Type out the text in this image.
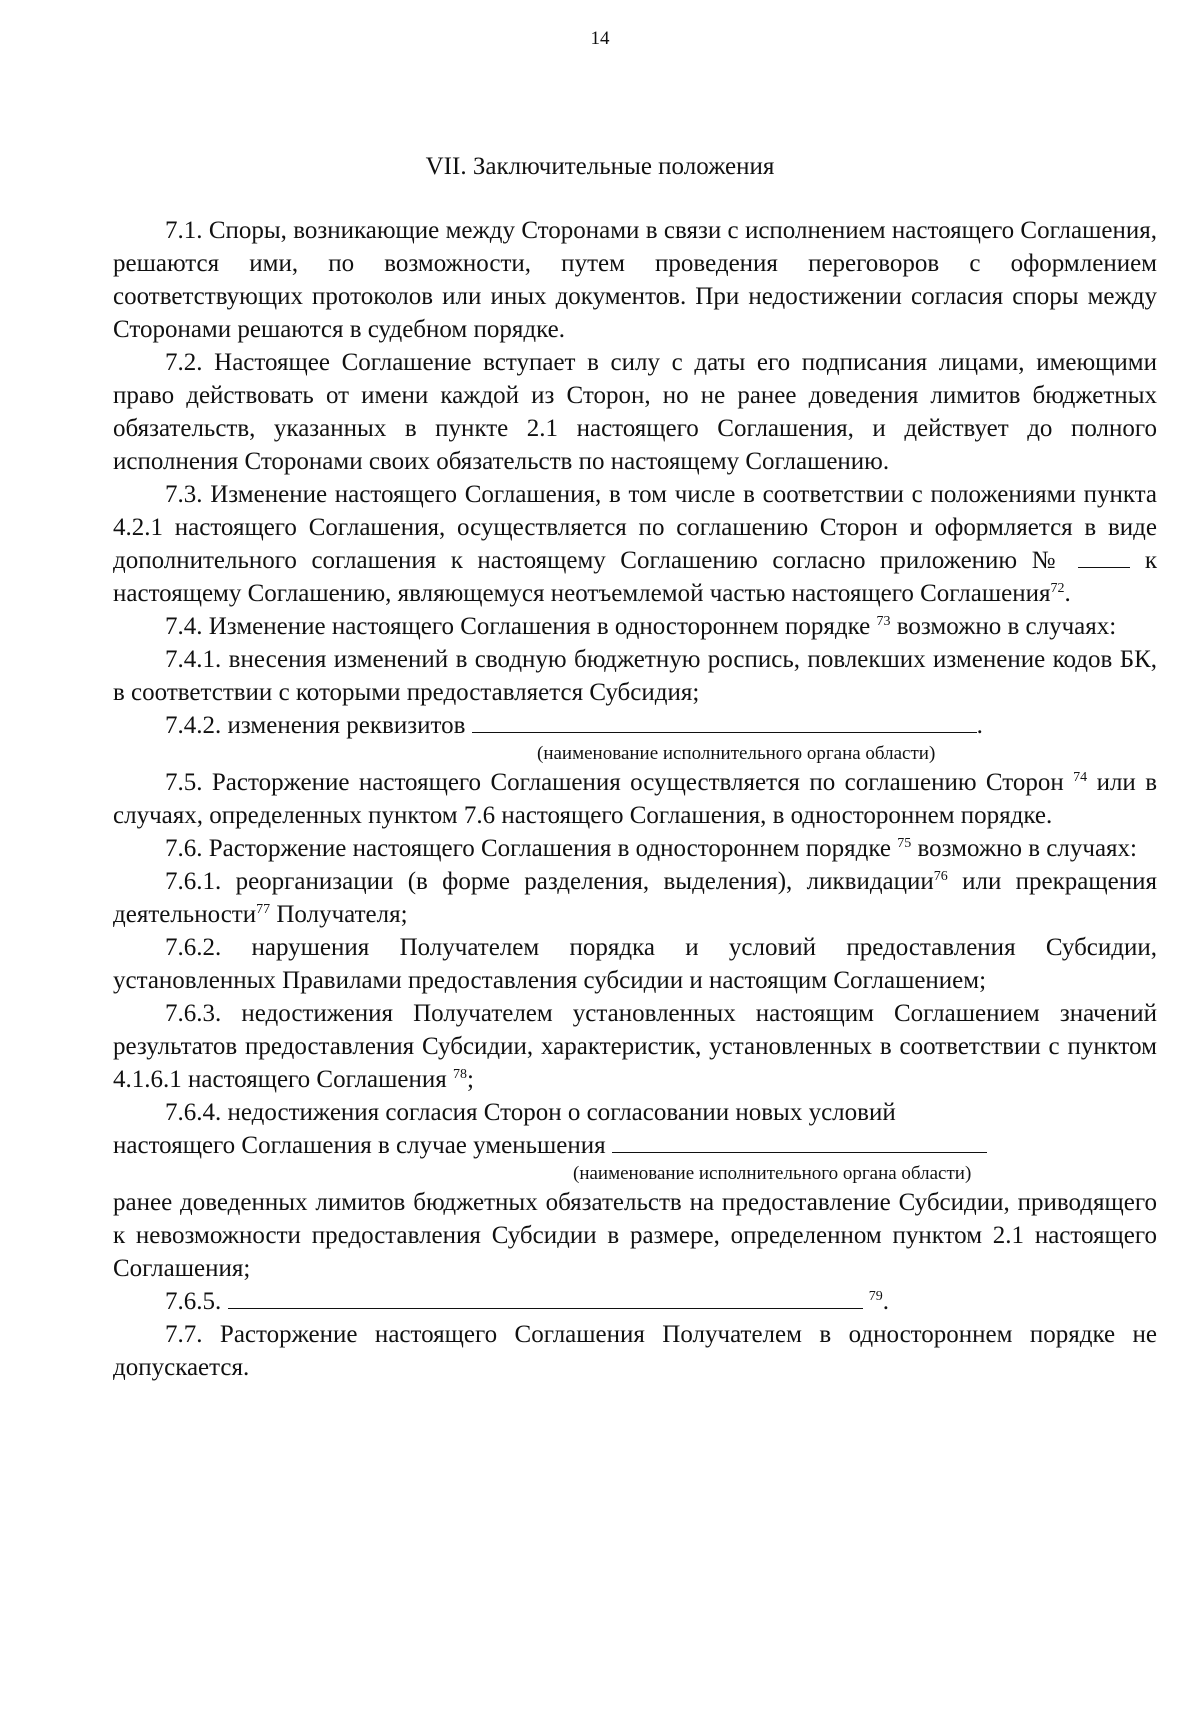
14
VII. Заключительные положения

7.1. Споры, возникающие между Сторонами в связи с исполнением настоящего Соглашения, решаются ими, по возможности, путем проведения переговоров с оформлением соответствующих протоколов или иных документов. При недостижении согласия споры между Сторонами решаются в судебном порядке.

7.2. Настоящее Соглашение вступает в силу с даты его подписания лицами, имеющими право действовать от имени каждой из Сторон, но не ранее доведения лимитов бюджетных обязательств, указанных в пункте 2.1 настоящего Соглашения, и действует до полного исполнения Сторонами своих обязательств по настоящему Соглашению.

7.3. Изменение настоящего Соглашения, в том числе в соответствии с положениями пункта 4.2.1 настоящего Соглашения, осуществляется по соглашению Сторон и оформляется в виде дополнительного соглашения к настоящему Соглашению согласно приложению №	к настоящему Соглашению, являющемуся неотъемлемой частью настоящего Соглашения$^{72}$.

7.4. Изменение настоящего Соглашения в одностороннем порядке $^{73}$ возможно в случаях:

7.4.1. внесения изменений в сводную бюджетную роспись, повлекших изменение кодов БК, в соответствии с которыми предоставляется Субсидия;

7.4.2. изменения реквизитов	.

(наименование исполнительного органа области)

7.5. Расторжение настоящего Соглашения осуществляется по соглашению Сторон $^{74}$ или в случаях, определенных пунктом 7.6 настоящего Соглашения, в одностороннем порядке.

7.6. Расторжение настоящего Соглашения в одностороннем порядке $^{75}$ возможно в случаях:

7.6.1. реорганизации (в форме разделения, выделения), ликвидации$^{76}$ или прекращения деятельности$^{77}$ Получателя;

7.6.2. нарушения Получателем порядка и условий предоставления Субсидии, установленных Правилами предоставления субсидии и настоящим Соглашением;

7.6.3. недостижения Получателем установленных настоящим Соглашением значений результатов предоставления Субсидии, характеристик, установленных в соответствии с пунктом 4.1.6.1 настоящего Соглашения $^{78}$;

7.6.4. недостижения согласия Сторон о согласовании новых условий

настоящего Соглашения в случае уменьшения

(наименование исполнительного органа области)

ранее доведенных лимитов бюджетных обязательств на предоставление Субсидии, приводящего к невозможности предоставления Субсидии в размере, определенном пунктом 2.1 настоящего Соглашения;

7.6.5.	$^{79}$.

7.7. Расторжение настоящего Соглашения Получателем в одностороннем порядке не допускается.
